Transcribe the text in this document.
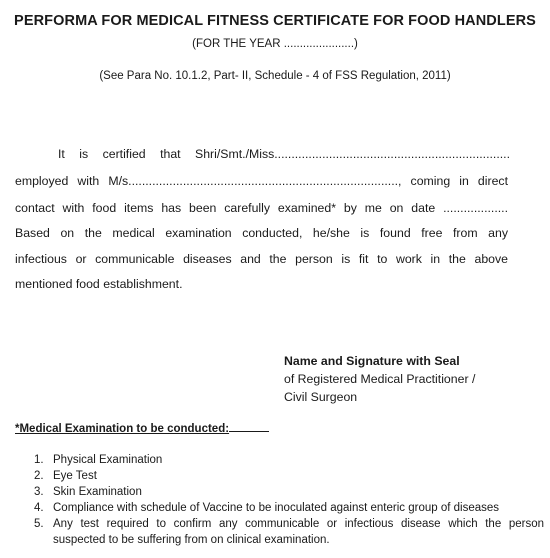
PERFORMA FOR MEDICAL FITNESS CERTIFICATE FOR FOOD HANDLERS
(FOR THE YEAR ......................)
(See Para No. 10.1.2, Part- II, Schedule - 4 of FSS Regulation, 2011)
It is certified that Shri/Smt./Miss.....................................................................
employed with M/s..............................................................................., coming in direct
contact with food items has been carefully examined* by me on date ...................
Based on the medical examination conducted, he/she is found free from any
infectious or communicable diseases and the person is fit to work in the above
mentioned food establishment.
Name and Signature with Seal
of Registered Medical Practitioner /
Civil Surgeon
*Medical Examination to be conducted:
1. Physical Examination
2. Eye Test
3. Skin Examination
4. Compliance with schedule of Vaccine to be inoculated against enteric group of diseases
5. Any test required to confirm any communicable or infectious disease which the person suspected to be suffering from on clinical examination.
